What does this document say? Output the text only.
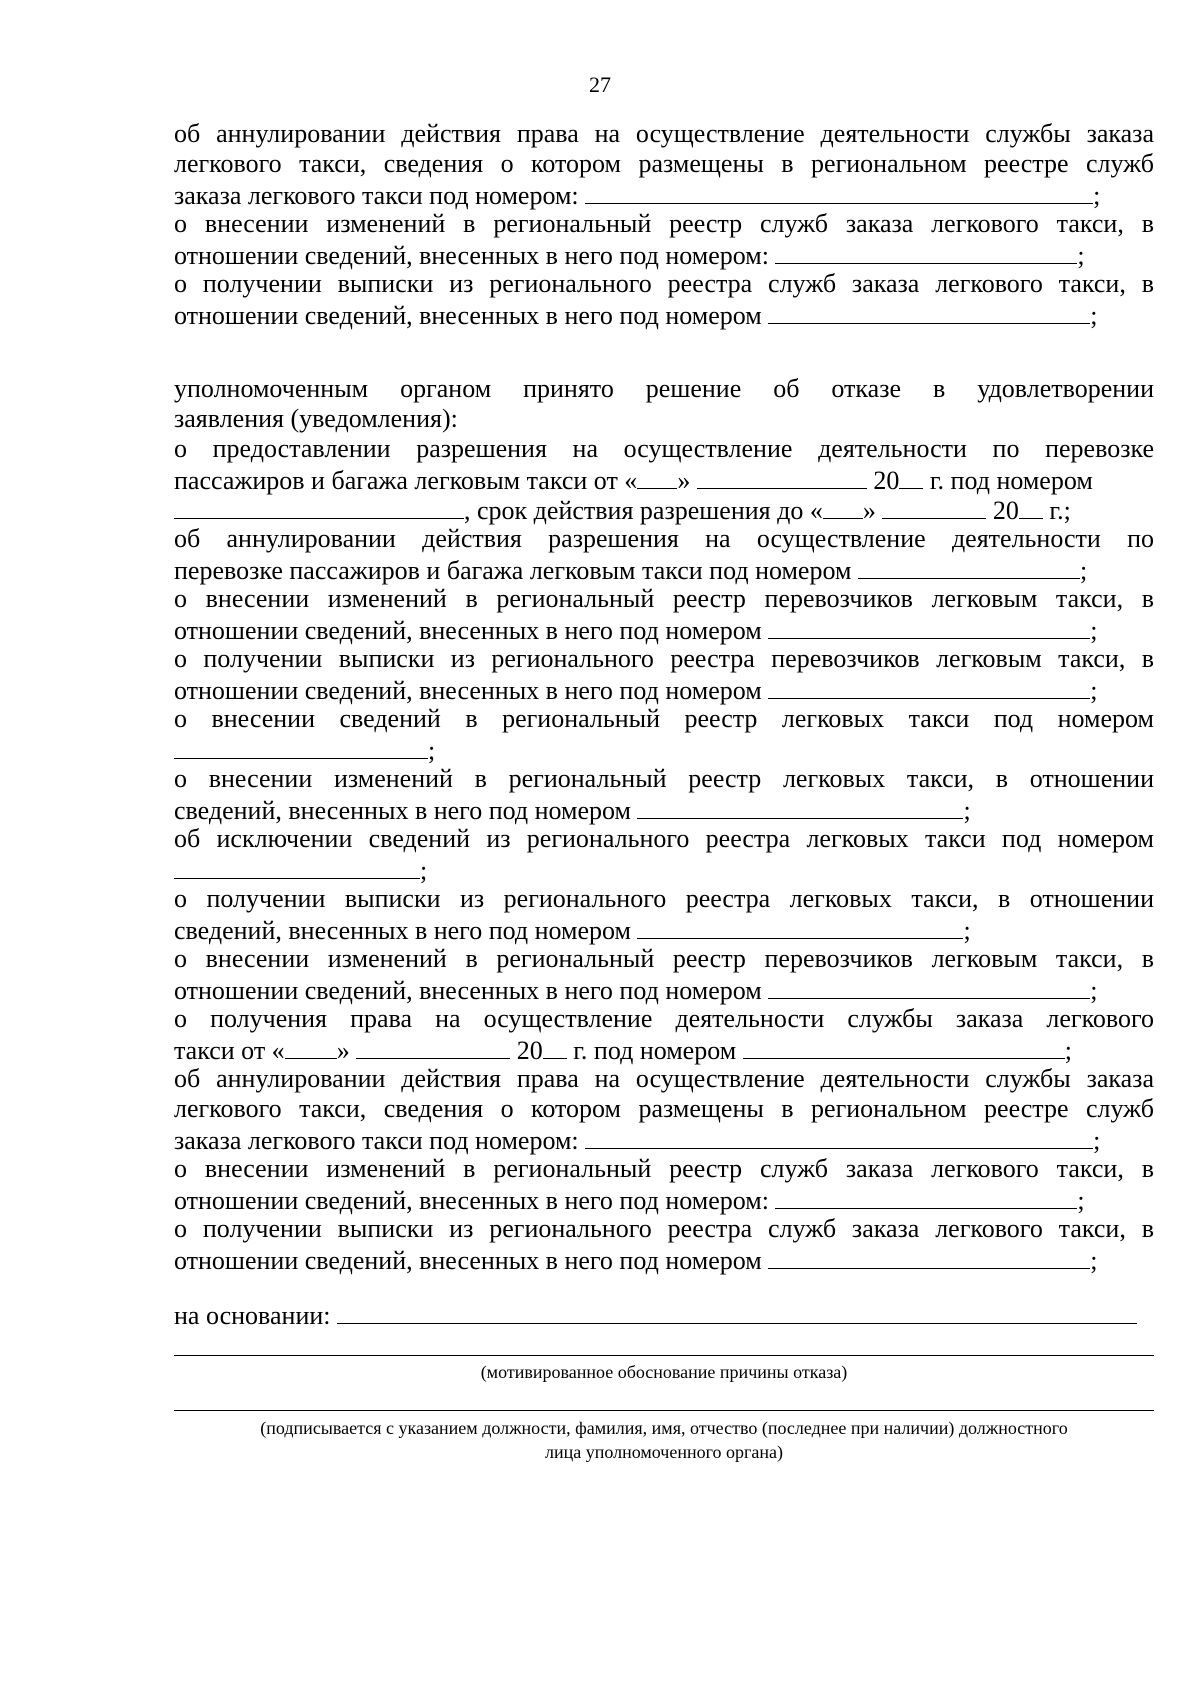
27
об аннулировании действия права на осуществление деятельности службы заказа
легкового такси, сведения о котором размещены в региональном реестре служб
заказа легкового такси под номером:	;
о внесении изменений в региональный реестр служб заказа легкового такси, в
отношении сведений, внесенных в него под номером:	;
о получении выписки из регионального реестра служб заказа легкового такси, в
отношении сведений, внесенных в него под номером	;
уполномоченным органом принято решение об отказе в удовлетворении
заявления (уведомления):
о предоставлении разрешения на осуществление деятельности по перевозке
пассажиров и багажа легковым такси от « »	20 г. под номером
, срок действия разрешения до « »	20 г.;
об аннулировании действия разрешения на осуществление деятельности по
перевозке пассажиров и багажа легковым такси под номером	;
о внесении изменений в региональный реестр перевозчиков легковым такси, в
отношении сведений, внесенных в него под номером	;
о получении выписки из регионального реестра перевозчиков легковым такси, в
отношении сведений, внесенных в него под номером	;
о внесении сведений в региональный реестр легковых такси под номером
;
о внесении изменений в региональный реестр легковых такси, в отношении
сведений, внесенных в него под номером	;
об исключении сведений из регионального реестра легковых такси под номером
;
о получении выписки из регионального реестра легковых такси, в отношении
сведений, внесенных в него под номером	;
о внесении изменений в региональный реестр перевозчиков легковым такси, в
отношении сведений, внесенных в него под номером	;
о получения права на осуществление деятельности службы заказа легкового
такси от « »	20 г. под номером	;
об аннулировании действия права на осуществление деятельности службы заказа
легкового такси, сведения о котором размещены в региональном реестре служб
заказа легкового такси под номером:	;
о внесении изменений в региональный реестр служб заказа легкового такси, в
отношении сведений, внесенных в него под номером:	;
о получении выписки из регионального реестра служб заказа легкового такси, в
отношении сведений, внесенных в него под номером	;
на основании:
(мотивированное обоснование причины отказа)
(подписывается с указанием должности, фамилия, имя, отчество (последнее при наличии) должностного
лица уполномоченного органа)
